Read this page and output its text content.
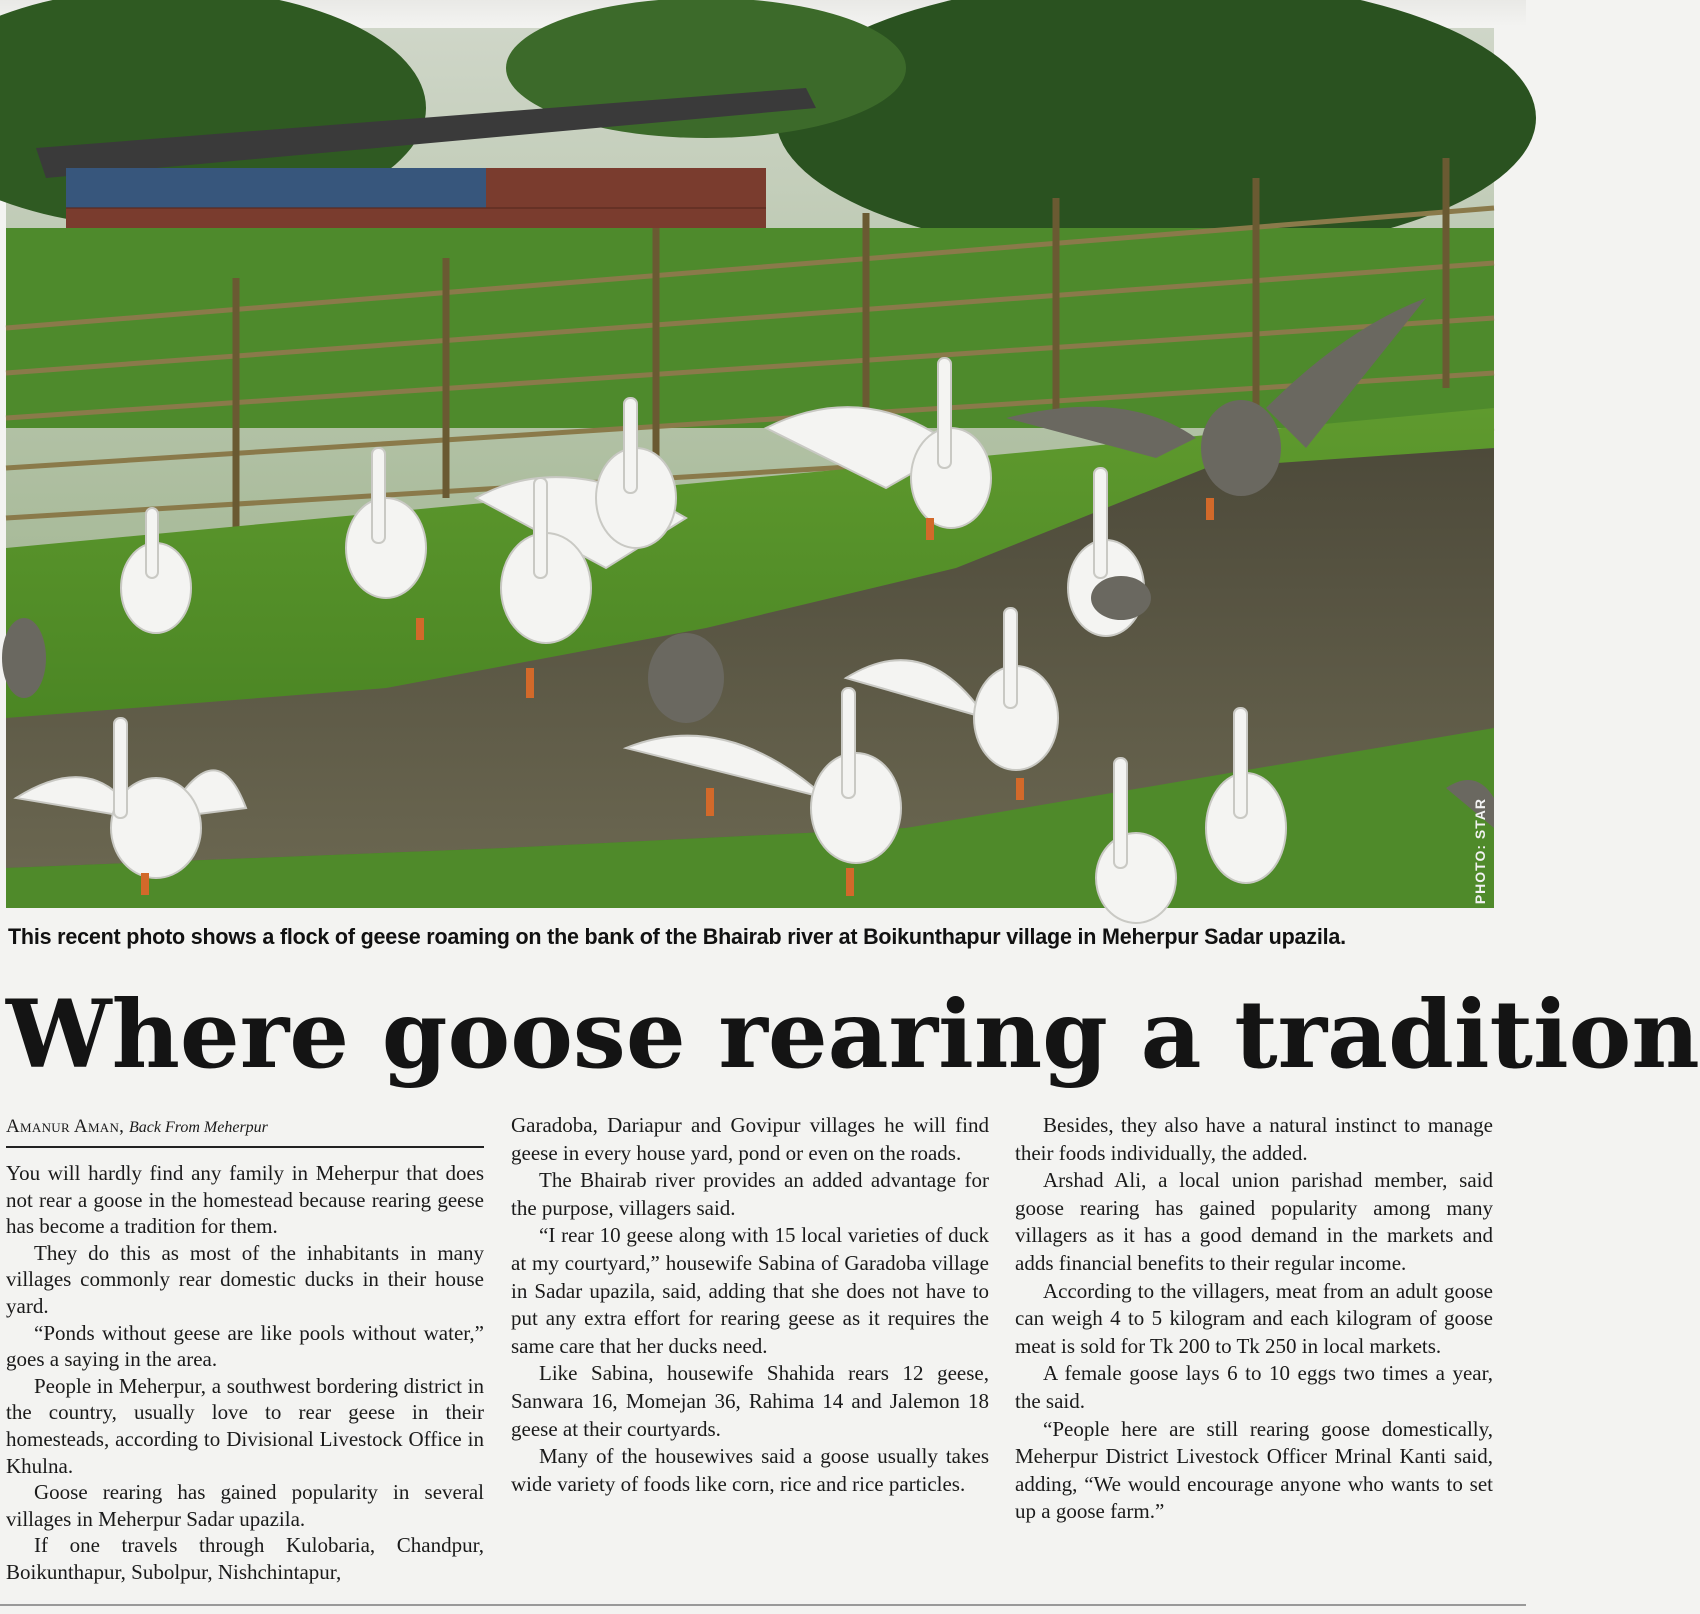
PHOTO: STAR
This recent photo shows a flock of geese roaming on the bank of the Bhairab river at Boikunthapur village in Meherpur Sadar upazila.
Where goose rearing a tradition
Amanur Aman, Back From Meherpur

You will hardly find any family in Meherpur that does not rear a goose in the homestead because rearing geese has become a tradition for them.

They do this as most of the inhabitants in many villages commonly rear domestic ducks in their house yard.

“Ponds without geese are like pools without water,” goes a saying in the area.

People in Meherpur, a southwest bordering district in the country, usually love to rear geese in their homesteads, according to Divisional Livestock Office in Khulna.

Goose rearing has gained popularity in several villages in Meherpur Sadar upazila.

If one travels through Kulobaria, Chandpur, Boikunthapur, Subolpur, Nishchintapur,

Garadoba, Dariapur and Govipur villages he will find geese in every house yard, pond or even on the roads.

The Bhairab river provides an added advantage for the purpose, villagers said.

“I rear 10 geese along with 15 local varieties of duck at my courtyard,” housewife Sabina of Garadoba village in Sadar upazila, said, adding that she does not have to put any extra effort for rearing geese as it requires the same care that her ducks need.

Like Sabina, housewife Shahida rears 12 geese, Sanwara 16, Momejan 36, Rahima 14 and Jalemon 18 geese at their courtyards.

Many of the housewives said a goose usually takes wide variety of foods like corn, rice and rice particles.

Besides, they also have a natural instinct to manage their foods individually, the added.

Arshad Ali, a local union parishad member, said goose rearing has gained popularity among many villagers as it has a good demand in the markets and adds financial benefits to their regular income.

According to the villagers, meat from an adult goose can weigh 4 to 5 kilogram and each kilogram of goose meat is sold for Tk 200 to Tk 250 in local markets.

A female goose lays 6 to 10 eggs two times a year, the said.

“People here are still rearing goose domestically, Meherpur District Livestock Officer Mrinal Kanti said, adding, “We would encourage anyone who wants to set up a goose farm.”
